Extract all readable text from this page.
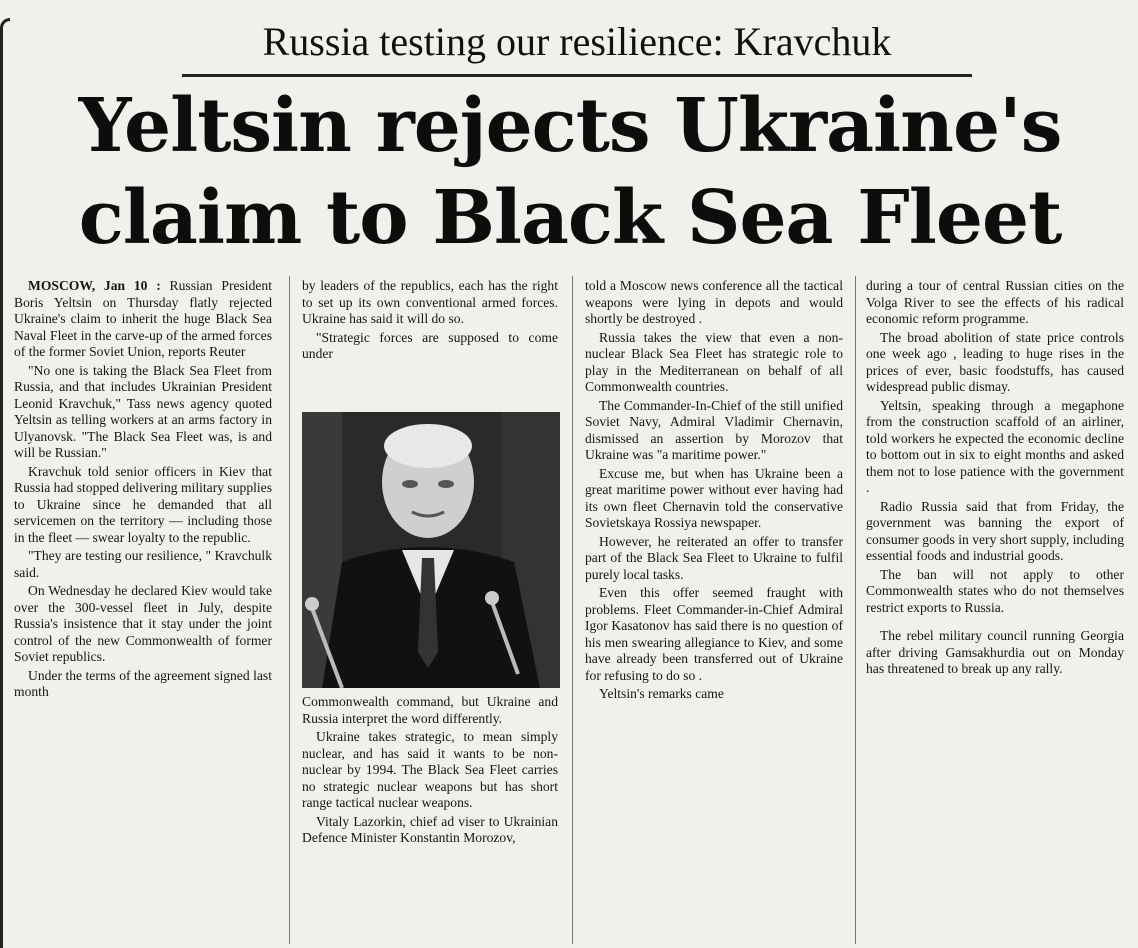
Russia testing our resilience: Kravchuk
Yeltsin rejects Ukraine's
claim to Black Sea Fleet

MOSCOW, Jan 10 : Russian President Boris Yeltsin on Thursday flatly rejected Ukraine's claim to inherit the huge Black Sea Naval Fleet in the carve-up of the armed forces of the former Soviet Union, reports Reuter

"No one is taking the Black Sea Fleet from Russia, and that includes Ukrainian President Leonid Kravchuk," Tass news agency quoted Yeltsin as telling workers at an arms factory in Ulyanovsk. "The Black Sea Fleet was, is and will be Russian."

Kravchuk told senior officers in Kiev that Russia had stopped delivering military supplies to Ukraine since he demanded that all servicemen on the territory — including those in the fleet — swear loyalty to the republic.

"They are testing our resilience, " Kravchulk said.

On Wednesday he declared Kiev would take over the 300-vessel fleet in July, despite Russia's insistence that it stay under the joint control of the new Commonwealth of former Soviet republics.

Under the terms of the agreement signed last month

by leaders of the republics, each has the right to set up its own conventional armed forces. Ukraine has said it will do so.

"Strategic forces are supposed to come under

Commonwealth command, but Ukraine and Russia interpret the word differently.

Ukraine takes strategic, to mean simply nuclear, and has said it wants to be non-nuclear by 1994. The Black Sea Fleet carries no strategic nuclear weapons but has short range tactical nuclear weapons.

Vitaly Lazorkin, chief ad viser to Ukrainian Defence Minister Konstantin Morozov,

told a Moscow news conference all the tactical weapons were lying in depots and would shortly be destroyed .

Russia takes the view that even a non-nuclear Black Sea Fleet has strategic role to play in the Mediterranean on behalf of all Commonwealth countries.

The Commander-In-Chief of the still unified Soviet Navy, Admiral Vladimir Chernavin, dismissed an assertion by Morozov that Ukraine was "a maritime power."

Excuse me, but when has Ukraine been a great maritime power without ever having had its own fleet Chernavin told the conservative Sovietskaya Rossiya newspaper.

However, he reiterated an offer to transfer part of the Black Sea Fleet to Ukraine to fulfil purely local tasks.

Even this offer seemed fraught with problems. Fleet Commander-in-Chief Admiral Igor Kasatonov has said there is no question of his men swearing allegiance to Kiev, and some have already been transferred out of Ukraine for refusing to do so .

Yeltsin's remarks came

during a tour of central Russian cities on the Volga River to see the effects of his radical economic reform programme.

The broad abolition of state price controls one week ago , leading to huge rises in the prices of ever, basic foodstuffs, has caused widespread public dismay.

Yeltsin, speaking through a megaphone from the construction scaffold of an airliner, told workers he expected the economic decline to bottom out in six to eight months and asked them not to lose patience with the government .

Radio Russia said that from Friday, the government was banning the export of consumer goods in very short supply, including essential foods and industrial goods.

The ban will not apply to other Commonwealth states who do not themselves restrict exports to Russia.

The rebel military council running Georgia after driving Gamsakhurdia out on Monday has threatened to break up any rally.
